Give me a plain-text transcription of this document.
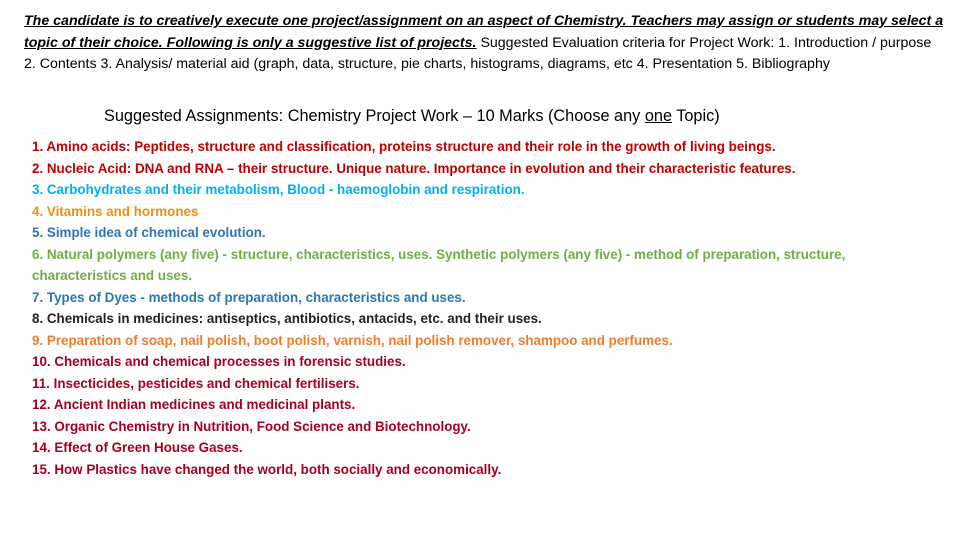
The candidate is to creatively execute one project/assignment on an aspect of Chemistry. Teachers may assign or students may select a topic of their choice. Following is only a suggestive list of projects. Suggested Evaluation criteria for Project Work: 1. Introduction / purpose 2. Contents 3. Analysis/ material aid (graph, data, structure, pie charts, histograms, diagrams, etc 4. Presentation 5. Bibliography
Suggested Assignments: Chemistry Project Work – 10 Marks (Choose any one Topic)
1. Amino acids: Peptides, structure and classification, proteins structure and their role in the growth of living beings.
2. Nucleic Acid: DNA and RNA – their structure. Unique nature. Importance in evolution and their characteristic features.
3. Carbohydrates and their metabolism, Blood - haemoglobin and respiration.
4. Vitamins and hormones
5. Simple idea of chemical evolution.
6. Natural polymers (any five) - structure, characteristics, uses. Synthetic polymers (any five) - method of preparation, structure, characteristics and uses.
7. Types of Dyes - methods of preparation, characteristics and uses.
8. Chemicals in medicines: antiseptics, antibiotics, antacids, etc. and their uses.
9. Preparation of soap, nail polish, boot polish, varnish, nail polish remover, shampoo and perfumes.
10. Chemicals and chemical processes in forensic studies.
11. Insecticides, pesticides and chemical fertilisers.
12. Ancient Indian medicines and medicinal plants.
13. Organic Chemistry in Nutrition, Food Science and Biotechnology.
14. Effect of Green House Gases.
15. How Plastics have changed the world, both socially and economically.
